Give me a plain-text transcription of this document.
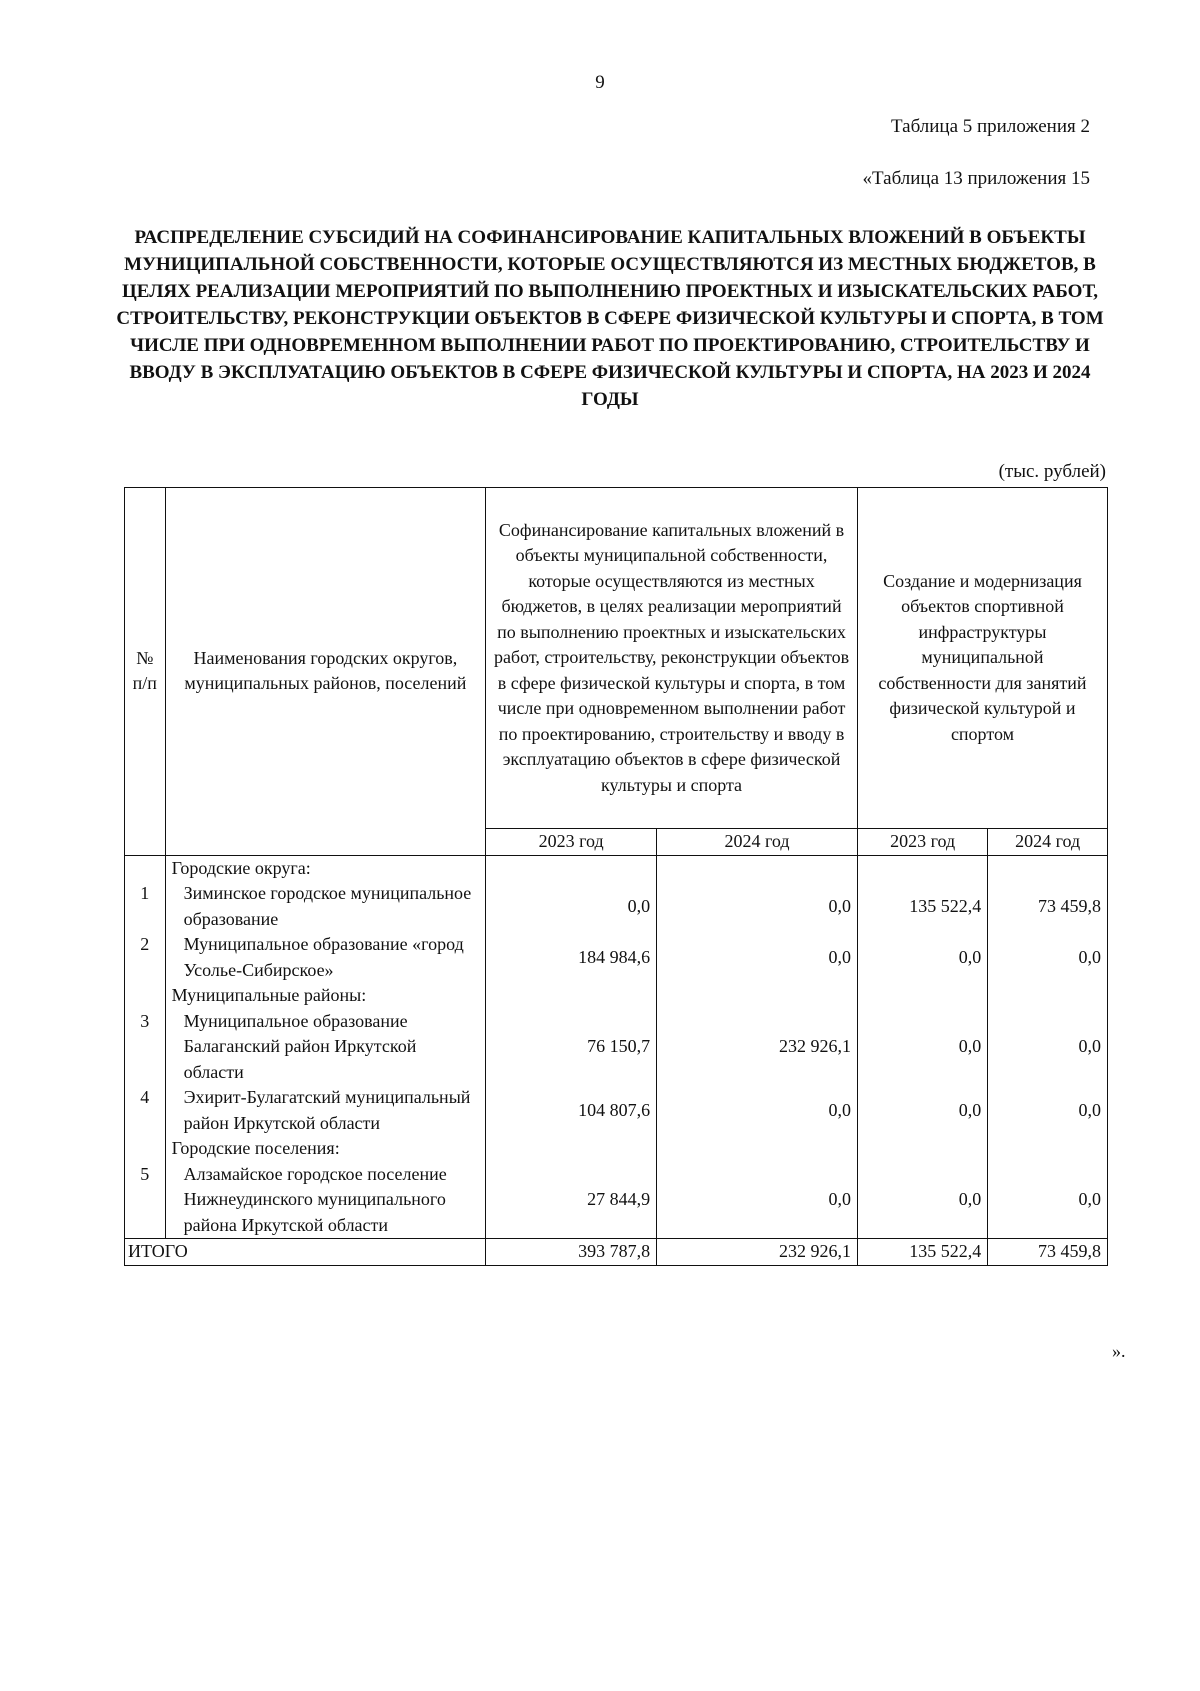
9
Таблица 5 приложения 2
«Таблица 13 приложения 15
РАСПРЕДЕЛЕНИЕ СУБСИДИЙ НА СОФИНАНСИРОВАНИЕ КАПИТАЛЬНЫХ ВЛОЖЕНИЙ В ОБЪЕКТЫ МУНИЦИПАЛЬНОЙ СОБСТВЕННОСТИ, КОТОРЫЕ ОСУЩЕСТВЛЯЮТСЯ ИЗ МЕСТНЫХ БЮДЖЕТОВ, В ЦЕЛЯХ РЕАЛИЗАЦИИ МЕРОПРИЯТИЙ ПО ВЫПОЛНЕНИЮ ПРОЕКТНЫХ И ИЗЫСКАТЕЛЬСКИХ РАБОТ, СТРОИТЕЛЬСТВУ, РЕКОНСТРУКЦИИ ОБЪЕКТОВ В СФЕРЕ ФИЗИЧЕСКОЙ КУЛЬТУРЫ И СПОРТА, В ТОМ ЧИСЛЕ ПРИ ОДНОВРЕМЕННОМ ВЫПОЛНЕНИИ РАБОТ ПО ПРОЕКТИРОВАНИЮ, СТРОИТЕЛЬСТВУ И ВВОДУ В ЭКСПЛУАТАЦИЮ ОБЪЕКТОВ В СФЕРЕ ФИЗИЧЕСКОЙ КУЛЬТУРЫ И СПОРТА, НА 2023 И 2024 ГОДЫ
(тыс. рублей)
№ п/п	Наименования городских округов, муниципальных районов, поселений	Софинансирование капитальных вложений в объекты муниципальной собственности, которые осуществляются из местных бюджетов, в целях реализации мероприятий по выполнению проектных и изыскательских работ, строительству, реконструкции объектов в сфере физической культуры и спорта, в том числе при одновременном выполнении работ по проектированию, строительству и вводу в эксплуатацию объектов в сфере физической культуры и спорта		Создание и модернизация объектов спортивной инфраструктуры муниципальной собственности для занятий физической культурой и спортом	
		2023 год	2024 год	2023 год	2024 год
	Городские округа:				
1	Зиминское городское муниципальное образование	0,0	0,0	135 522,4	73 459,8
2	Муниципальное образование «город Усолье-Сибирское»	184 984,6	0,0	0,0	0,0
	Муниципальные районы:				
3	Муниципальное образование Балаганский район Иркутской области	76 150,7	232 926,1	0,0	0,0
4	Эхирит-Булагатский муниципальный район Иркутской области	104 807,6	0,0	0,0	0,0
	Городские поселения:				
5	Алзамайское городское поселение Нижнеудинского муниципального района Иркутской области	27 844,9	0,0	0,0	0,0
ИТОГО		393 787,8	232 926,1	135 522,4	73 459,8
».
